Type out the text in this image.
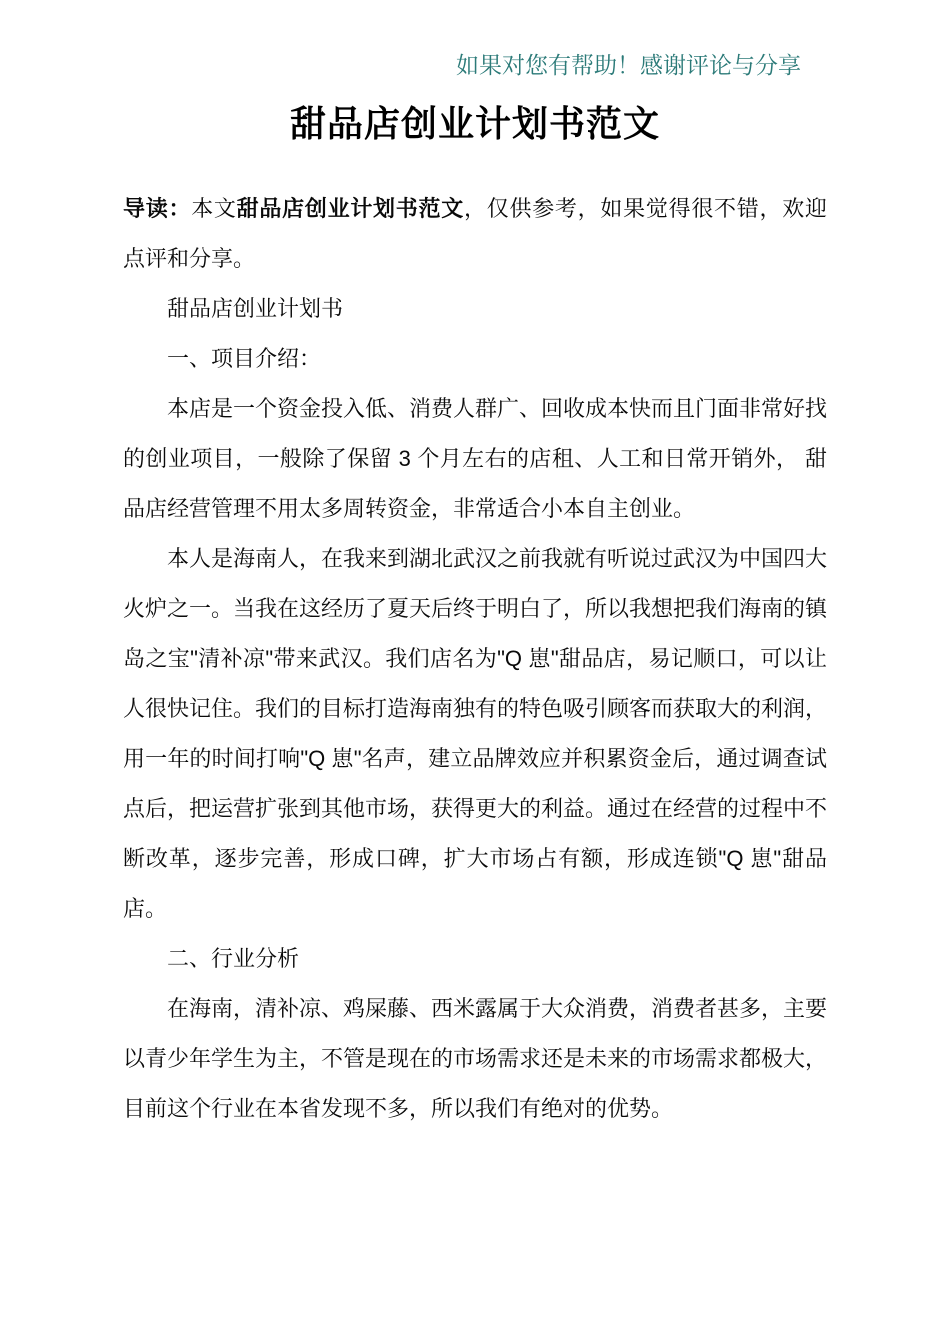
如果对您有帮助！感谢评论与分享
甜品店创业计划书范文

导读：本文甜品店创业计划书范文，仅供参考，如果觉得很不错，欢迎点评和分享。

甜品店创业计划书

一、项目介绍：

本店是一个资金投入低、消费人群广、回收成本快而且门面非常好找的创业项目，一般除了保留 3 个月左右的店租、人工和日常开销外， 甜品店经营管理不用太多周转资金，非常适合小本自主创业。

本人是海南人，在我来到湖北武汉之前我就有听说过武汉为中国四大火炉之一。当我在这经历了夏天后终于明白了，所以我想把我们海南的镇岛之宝"清补凉"带来武汉。我们店名为"Q 崽"甜品店，易记顺口，可以让人很快记住。我们的目标打造海南独有的特色吸引顾客而获取大的利润，用一年的时间打响"Q 崽"名声，建立品牌效应并积累资金后，通过调查试点后，把运营扩张到其他市场，获得更大的利益。通过在经营的过程中不断改革，逐步完善，形成口碑，扩大市场占有额，形成连锁"Q 崽"甜品店。

二、行业分析

在海南，清补凉、鸡屎藤、西米露属于大众消费，消费者甚多，主要以青少年学生为主，不管是现在的市场需求还是未来的市场需求都极大，目前这个行业在本省发现不多，所以我们有绝对的优势。
